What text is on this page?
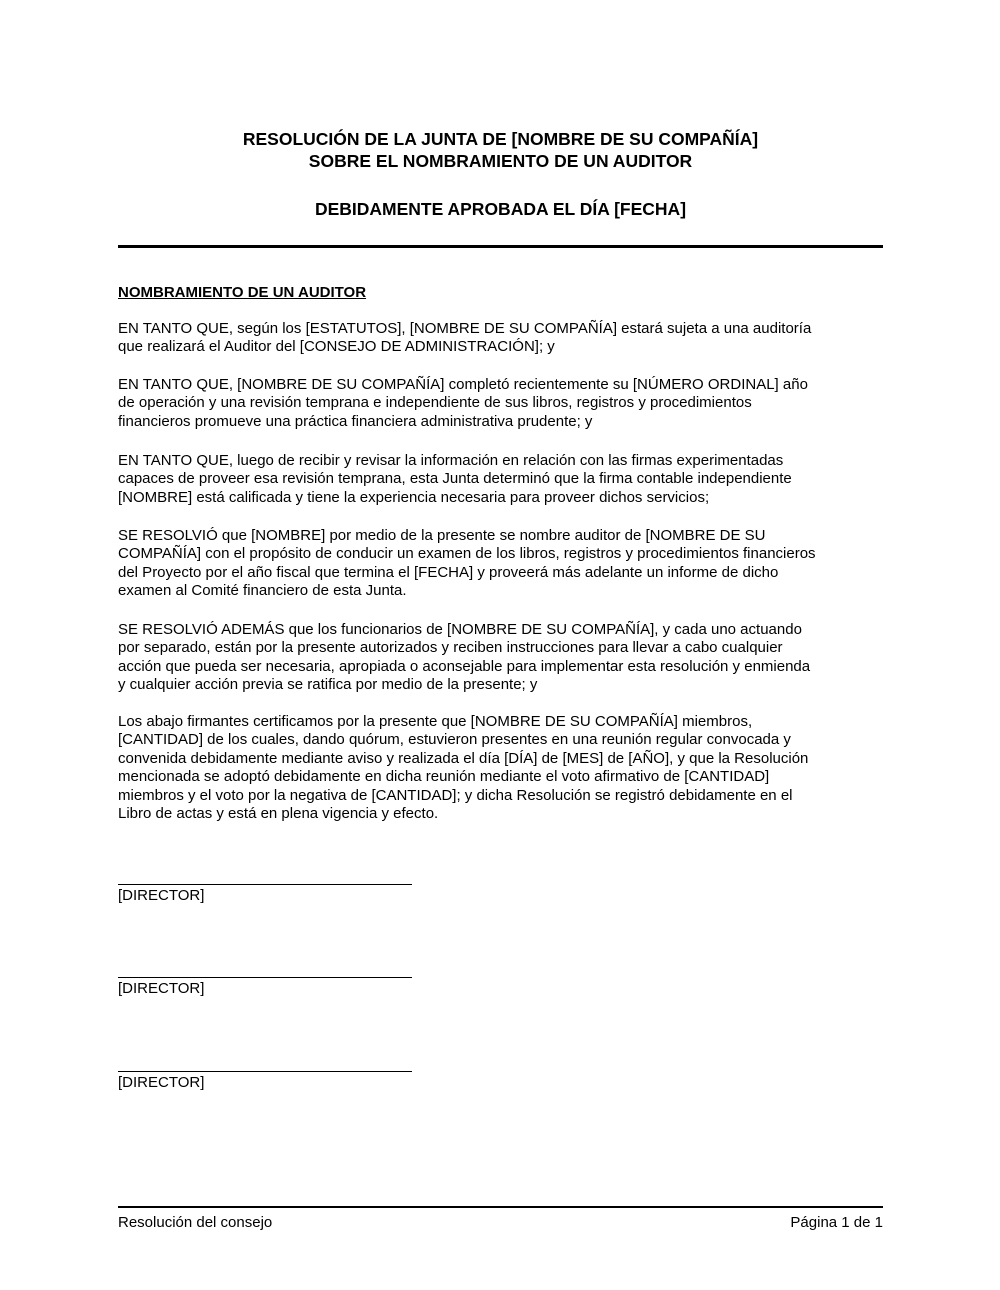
RESOLUCIÓN DE LA JUNTA DE [NOMBRE DE SU COMPAÑÍA]
SOBRE EL NOMBRAMIENTO DE UN AUDITOR
DEBIDAMENTE APROBADA EL DÍA [FECHA]
NOMBRAMIENTO DE UN AUDITOR
EN TANTO QUE, según los [ESTATUTOS], [NOMBRE DE SU COMPAÑÍA] estará sujeta a una auditoría
que realizará el Auditor del [CONSEJO DE ADMINISTRACIÓN]; y
EN TANTO QUE, [NOMBRE DE SU COMPAÑÍA] completó recientemente su [NÚMERO ORDINAL] año
de operación y una revisión temprana e independiente de sus libros, registros y procedimientos
financieros promueve una práctica financiera administrativa prudente; y
EN TANTO QUE, luego de recibir y revisar la información en relación con las firmas experimentadas
capaces de proveer esa revisión temprana, esta Junta determinó que la firma contable independiente
[NOMBRE] está calificada y tiene la experiencia necesaria para proveer dichos servicios;
SE RESOLVIÓ que [NOMBRE] por medio de la presente se nombre auditor de [NOMBRE DE SU
COMPAÑÍA] con el propósito de conducir un examen de los libros, registros y procedimientos financieros
del Proyecto por el año fiscal que termina el [FECHA] y proveerá más adelante un informe de dicho
examen al Comité financiero de esta Junta.
SE RESOLVIÓ ADEMÁS que los funcionarios de [NOMBRE DE SU COMPAÑÍA], y cada uno actuando
por separado, están por la presente autorizados y reciben instrucciones para llevar a cabo cualquier
acción que pueda ser necesaria, apropiada o aconsejable para implementar esta resolución y enmienda
y cualquier acción previa se ratifica por medio de la presente; y
Los abajo firmantes certificamos por la presente que [NOMBRE DE SU COMPAÑÍA] miembros,
[CANTIDAD] de los cuales, dando quórum, estuvieron presentes en una reunión regular convocada y
convenida debidamente mediante aviso y realizada el día [DÍA] de [MES] de [AÑO], y que la Resolución
mencionada se adoptó debidamente en dicha reunión mediante el voto afirmativo de [CANTIDAD]
miembros y el voto por la negativa de [CANTIDAD]; y dicha Resolución se registró debidamente en el
Libro de actas y está en plena vigencia y efecto.
[DIRECTOR]
[DIRECTOR]
[DIRECTOR]
Resolución del consejo	Página 1 de 1
